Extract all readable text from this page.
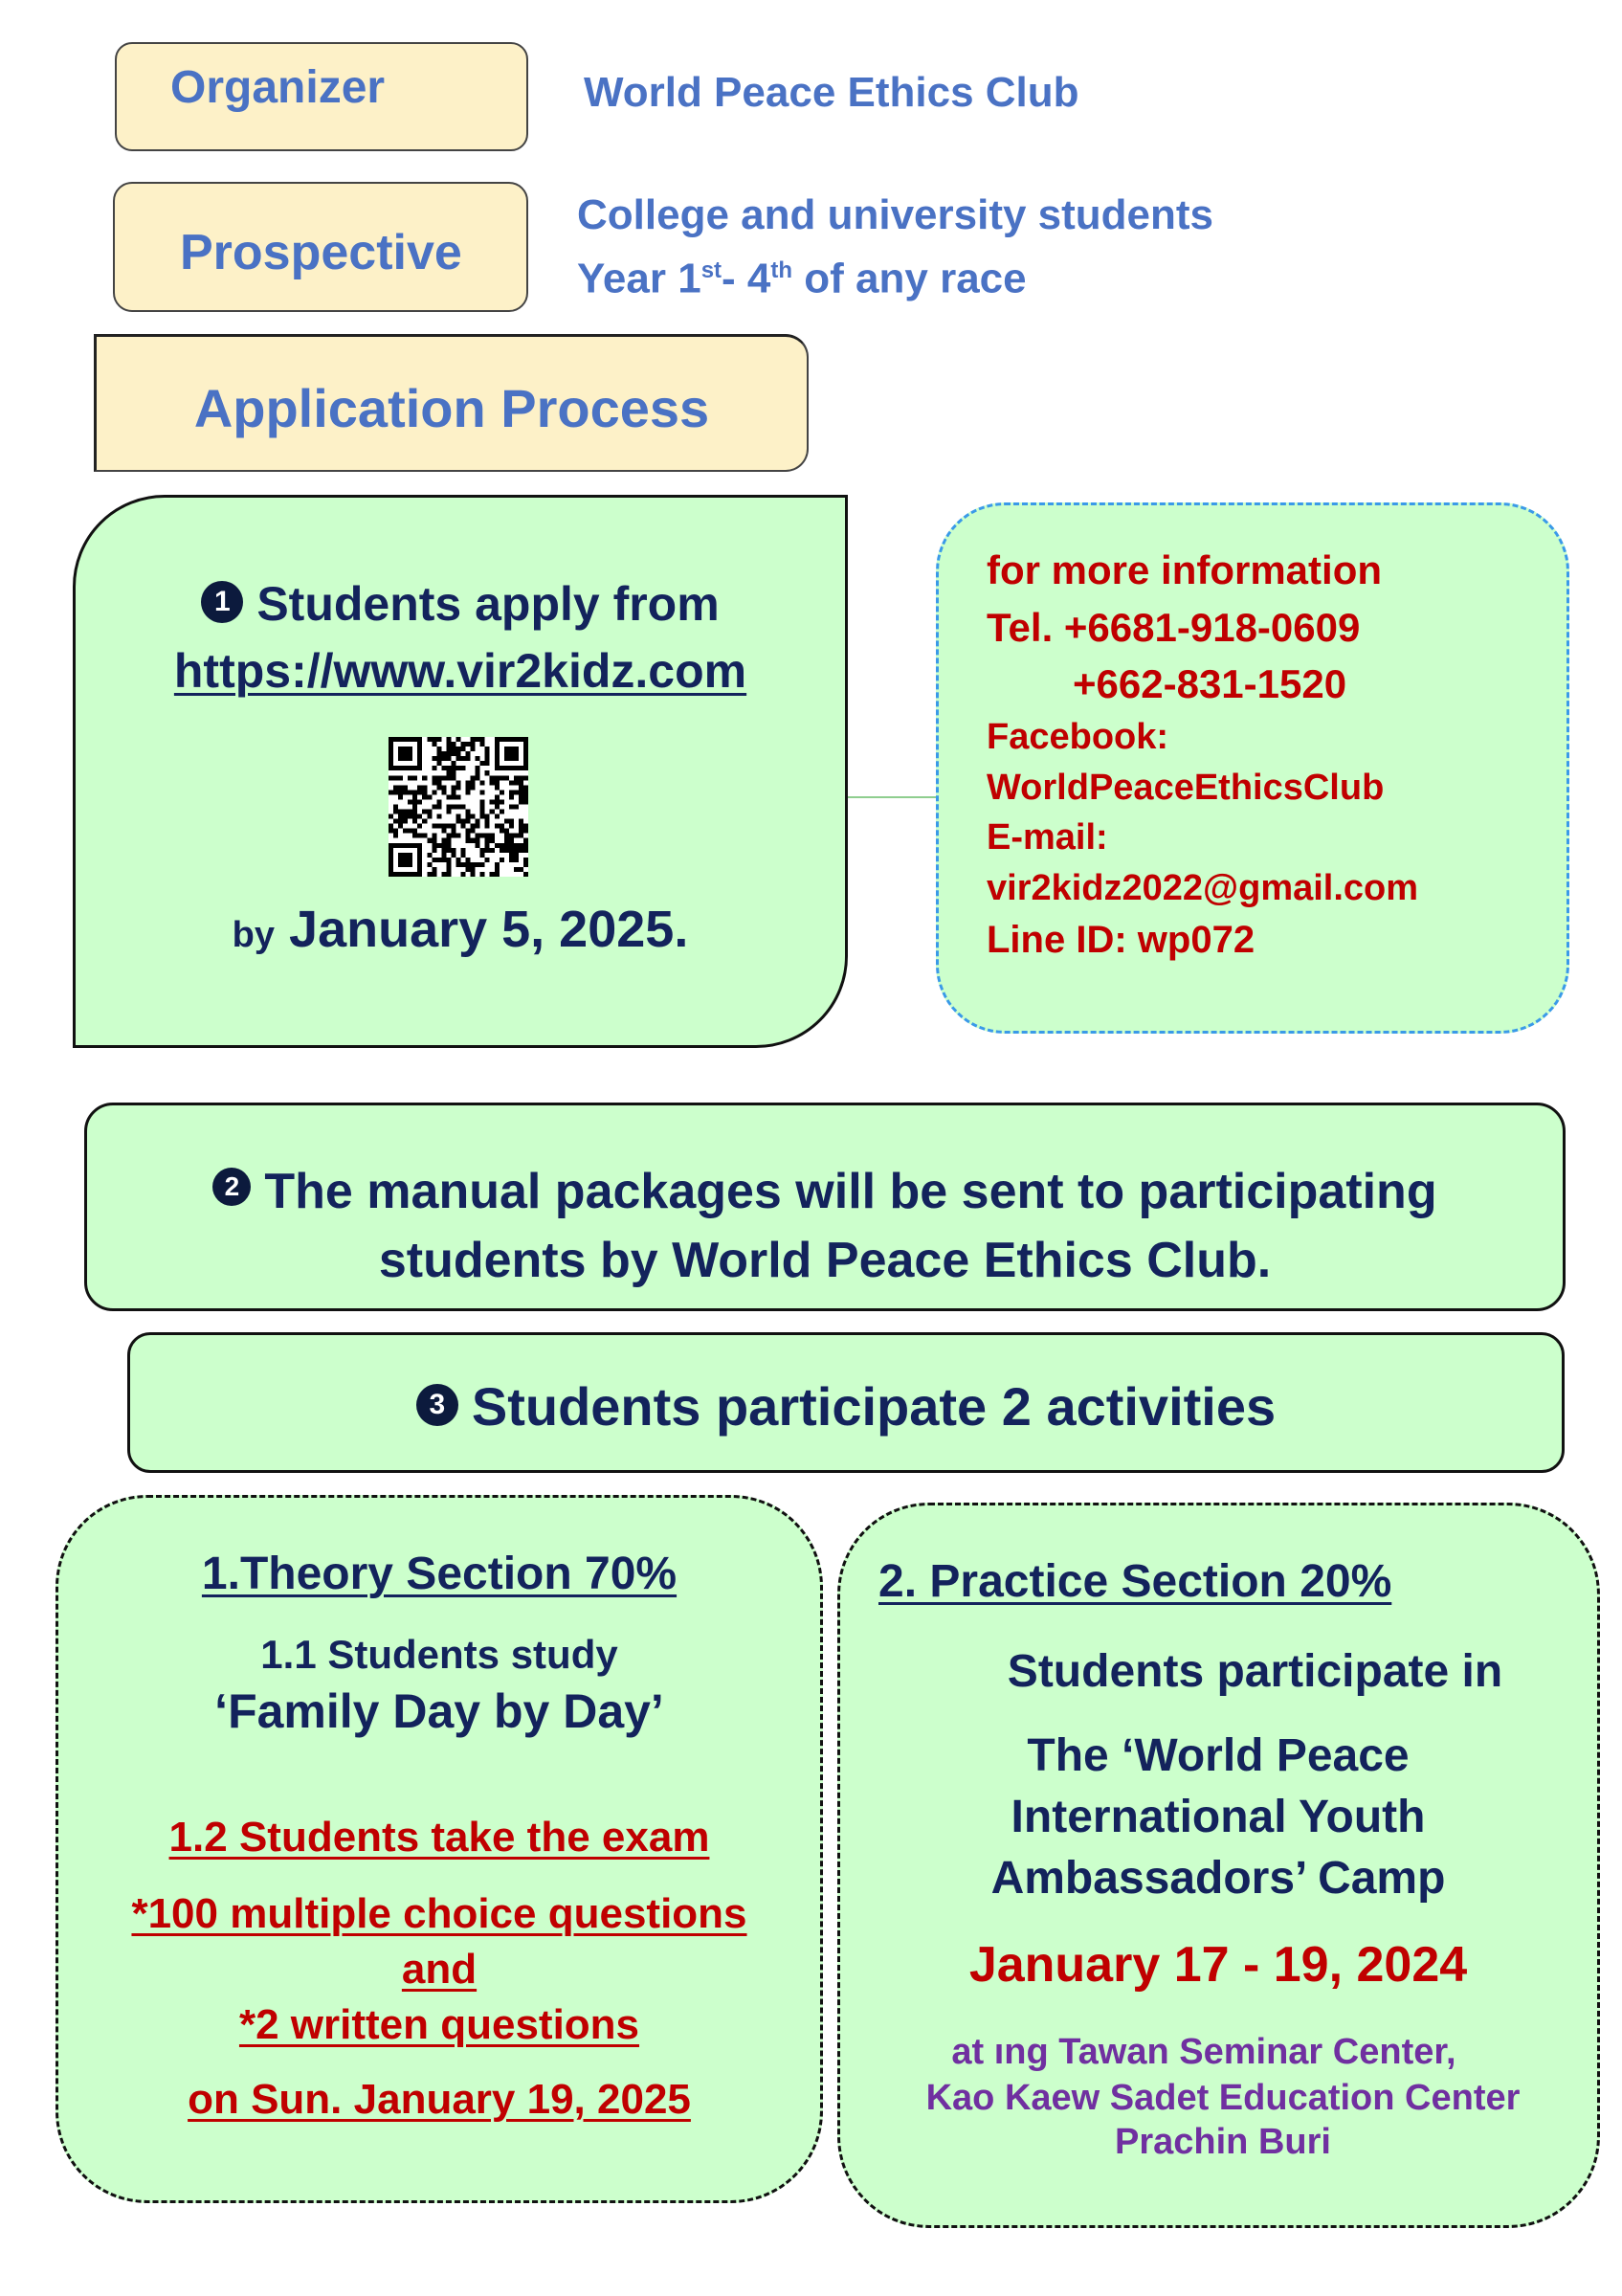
Organizer	World Peace Ethics Club
Prospective
College and university students
Year 1st- 4th of any race
Application Process
1 Students apply from
https://www.vir2kidz.com
by January 5, 2025.
for more information
Tel. +6681-918-0609
+662-831-1520
Facebook:
WorldPeaceEthicsClub
E-mail:
vir2kidz2022@gmail.com
Line ID: wp072
2 The manual packages will be sent to participating
students by World Peace Ethics Club.
3 Students participate 2 activities
1.Theory Section 70%
1.1 Students study
‘Family Day by Day’
1.2 Students take the exam
*100 multiple choice questions
and
*2 written questions
on Sun. January 19, 2025
2. Practice Section 20%
Students participate in
The ‘World Peace
International Youth
Ambassadors’ Camp
January 17 - 19, 2024
at ıng Tawan Seminar Center,
Kao Kaew Sadet Education Center
Prachin Buri
